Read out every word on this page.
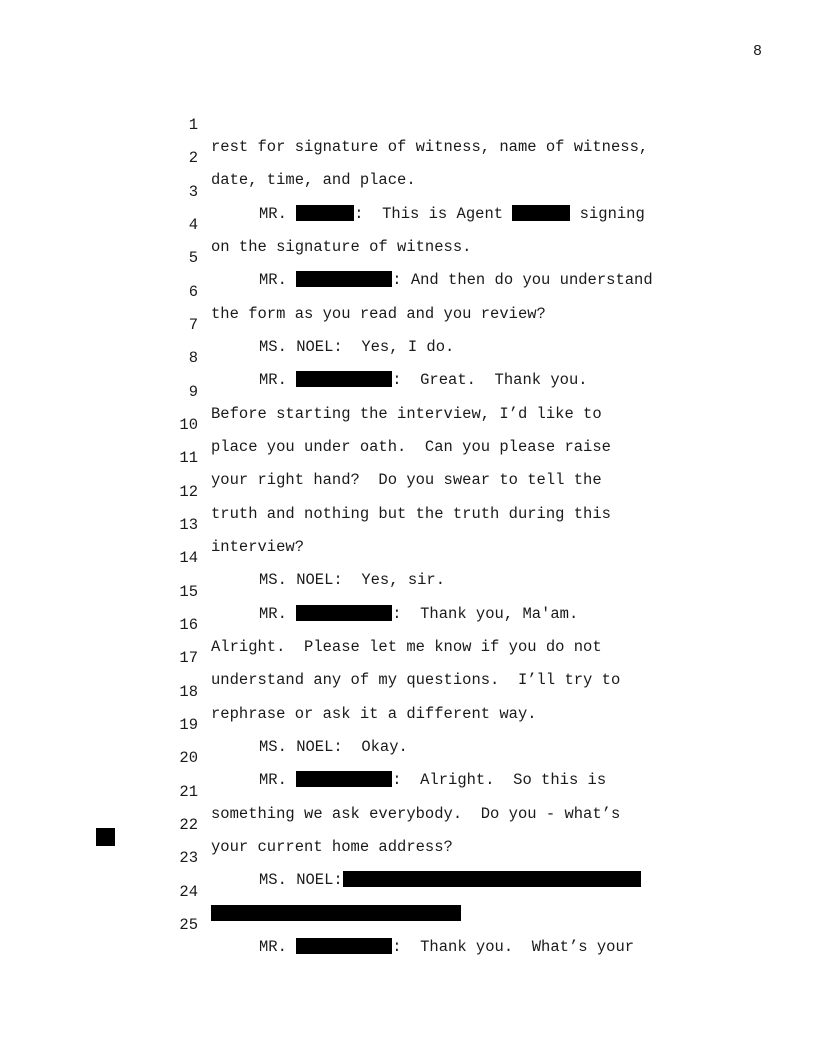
8

1

rest for signature of witness, name of witness,

2

date, time, and place.

3

MR.	:  This is Agent	signing

4

on the signature of witness.

5

MR.	: And then do you understand

6

the form as you read and you review?

7

MS. NOEL:  Yes, I do.

8

MR.	:  Great.  Thank you.

9

Before starting the interview, I’d like to

10

place you under oath.  Can you please raise

11

your right hand?  Do you swear to tell the

12

truth and nothing but the truth during this

13

interview?

14

MS. NOEL:  Yes, sir.

15

MR.	:  Thank you, Ma'am.

16

Alright.  Please let me know if you do not

17

understand any of my questions.  I’ll try to

18

rephrase or ask it a different way.

19

MS. NOEL:  Okay.

20

MR.	:  Alright.  So this is

21

something we ask everybody.  Do you - what’s

22

your current home address?

23

MS. NOEL:

24

25

MR.	:  Thank you.  What’s your
